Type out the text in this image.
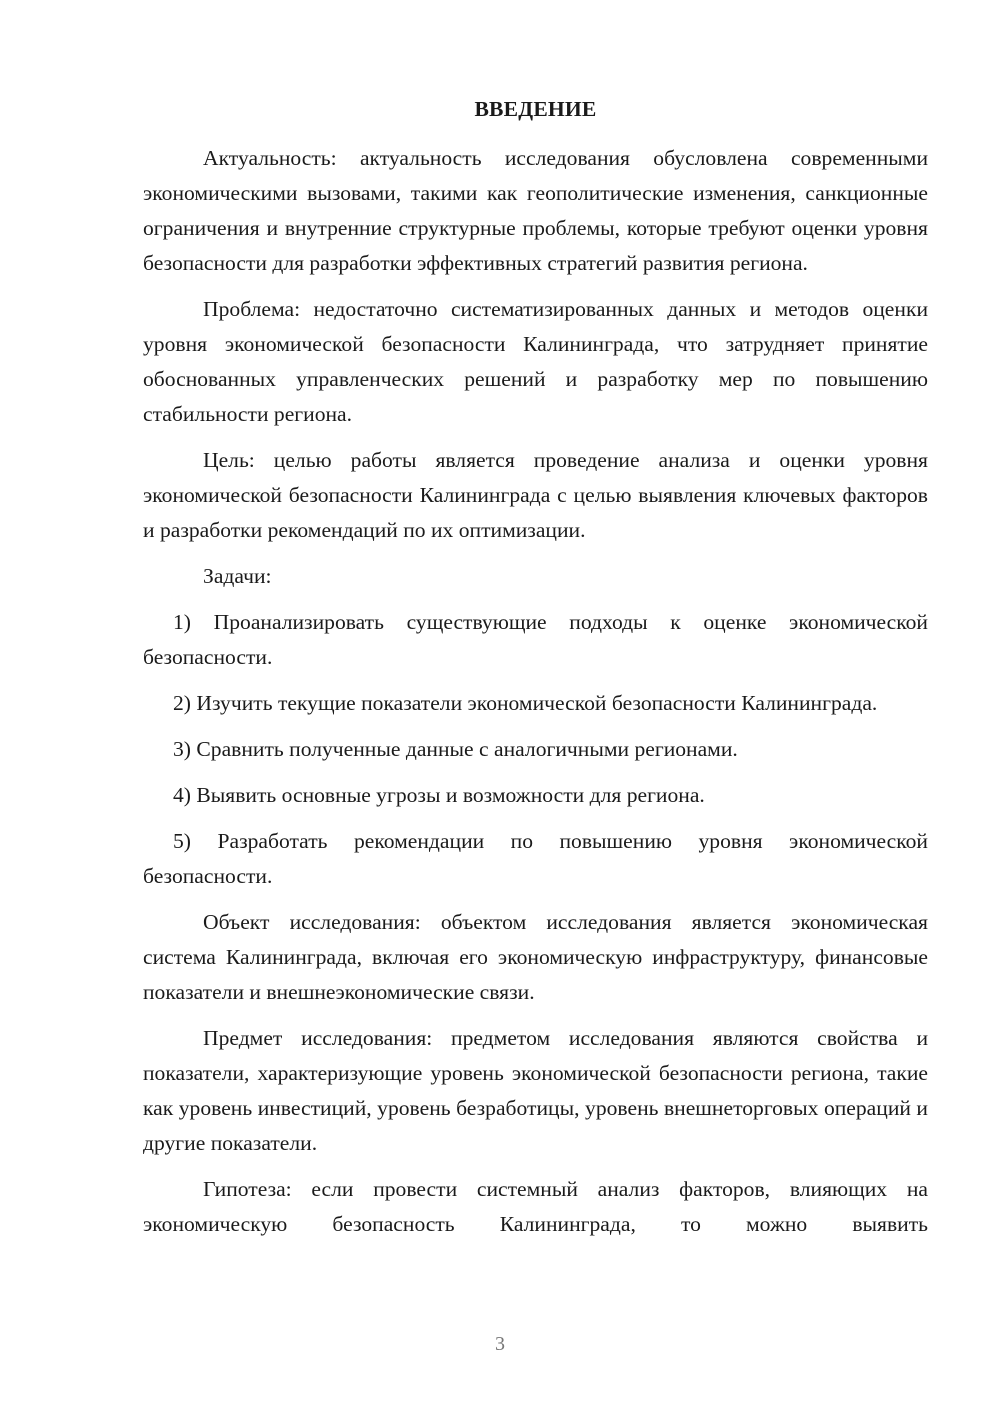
ВВЕДЕНИЕ

Актуальность: актуальность исследования обусловлена современными экономическими вызовами, такими как геополитические изменения, санкционные ограничения и внутренние структурные проблемы, которые требуют оценки уровня безопасности для разработки эффективных стратегий развития региона.

Проблема: недостаточно систематизированных данных и методов оценки уровня экономической безопасности Калининграда, что затрудняет принятие обоснованных управленческих решений и разработку мер по повышению стабильности региона.

Цель: целью работы является проведение анализа и оценки уровня экономической безопасности Калининграда с целью выявления ключевых факторов и разработки рекомендаций по их оптимизации.

Задачи:

1) Проанализировать существующие подходы к оценке экономической безопасности.

2) Изучить текущие показатели экономической безопасности Калининграда.

3) Сравнить полученные данные с аналогичными регионами.

4) Выявить основные угрозы и возможности для региона.

5) Разработать рекомендации по повышению уровня экономической безопасности.

Объект исследования: объектом исследования является экономическая система Калининграда, включая его экономическую инфраструктуру, финансовые показатели и внешнеэкономические связи.

Предмет исследования: предметом исследования являются свойства и показатели, характеризующие уровень экономической безопасности региона, такие как уровень инвестиций, уровень безработицы, уровень внешнеторговых операций и другие показатели.

Гипотеза: если провести системный анализ факторов, влияющих на экономическую безопасность Калининграда, то можно выявить

3
